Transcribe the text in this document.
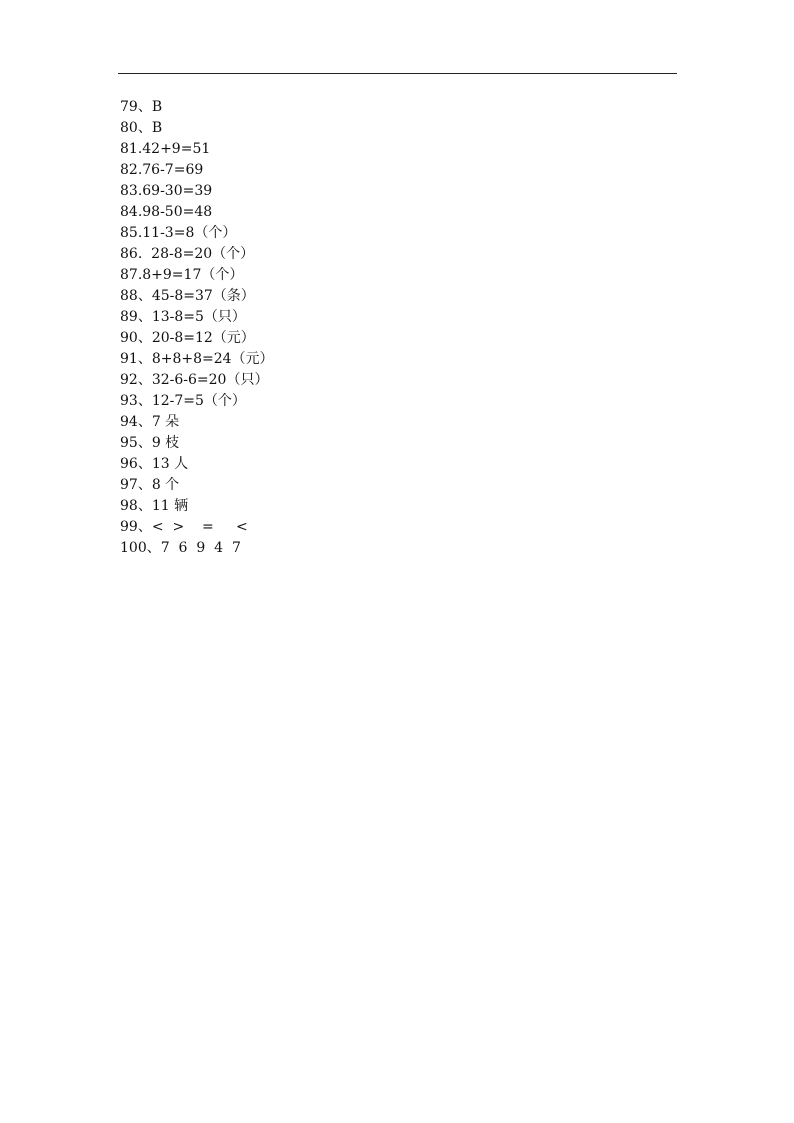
79、B
80、B
81.42+9=51
82.76-7=69
83.69-30=39
84.98-50=48
85.11-3=8（个）
86.  28-8=20（个）
87.8+9=17（个）
88、45-8=37（条）
89、13-8=5（只）
90、20-8=12（元）
91、8+8+8=24（元）
92、32-6-6=20（只）
93、12-7=5（个）
94、7 朵
95、9 枝
96、13 人
97、8 个
98、11 辆
99、<  >    =     <
100、7  6  9  4  7
